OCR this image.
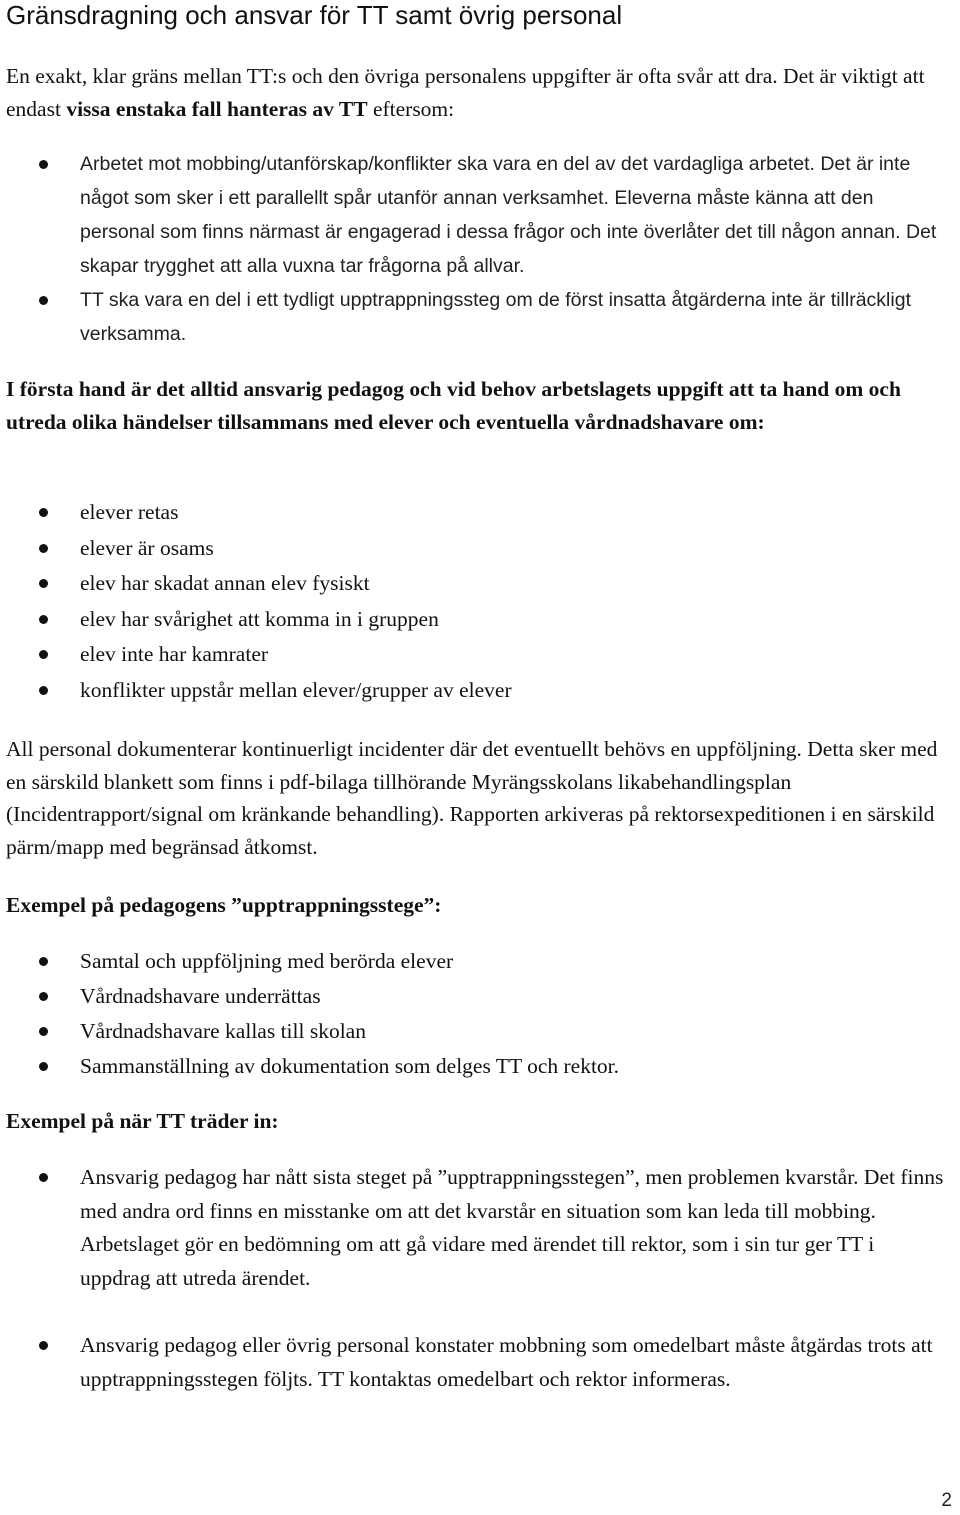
Gränsdragning och ansvar för TT samt övrig personal

En exakt, klar gräns mellan TT:s och den övriga personalens uppgifter är ofta svår att dra. Det är viktigt att endast vissa enstaka fall hanteras av TT eftersom:

Arbetet mot mobbing/utanförskap/konflikter ska vara en del av det vardagliga arbetet. Det är inte något som sker i ett parallellt spår utanför annan verksamhet. Eleverna måste känna att den personal som finns närmast är engagerad i dessa frågor och inte överlåter det till någon annan. Det skapar trygghet att alla vuxna tar frågorna på allvar.
TT ska vara en del i ett tydligt upptrappningssteg om de först insatta åtgärderna inte är tillräckligt verksamma.

I första hand är det alltid ansvarig pedagog och vid behov arbetslagets uppgift att ta hand om och utreda olika händelser tillsammans med elever och eventuella vårdnadshavare om:

elever retas
elever är osams
elev har skadat annan elev fysiskt
elev har svårighet att komma in i gruppen
elev inte har kamrater
konflikter uppstår mellan elever/grupper av elever

All personal dokumenterar kontinuerligt incidenter där det eventuellt behövs en uppföljning. Detta sker med en särskild blankett som finns i pdf-bilaga tillhörande Myrängsskolans likabehandlingsplan (Incidentrapport/signal om kränkande behandling). Rapporten arkiveras på rektorsexpeditionen i en särskild pärm/mapp med begränsad åtkomst.

Exempel på pedagogens ”upptrappningsstege”:
Samtal och uppföljning med berörda elever
Vårdnadshavare underrättas
Vårdnadshavare kallas till skolan
Sammanställning av dokumentation som delges TT och rektor.
Exempel på när TT träder in:
Ansvarig pedagog har nått sista steget på ”upptrappningsstegen”, men problemen kvarstår. Det finns med andra ord finns en misstanke om att det kvarstår en situation som kan leda till mobbing. Arbetslaget gör en bedömning om att gå vidare med ärendet till rektor, som i sin tur ger TT i uppdrag att utreda ärendet.
Ansvarig pedagog eller övrig personal konstater mobbning som omedelbart måste åtgärdas trots att upptrappningsstegen följts. TT kontaktas omedelbart och rektor informeras.
2
